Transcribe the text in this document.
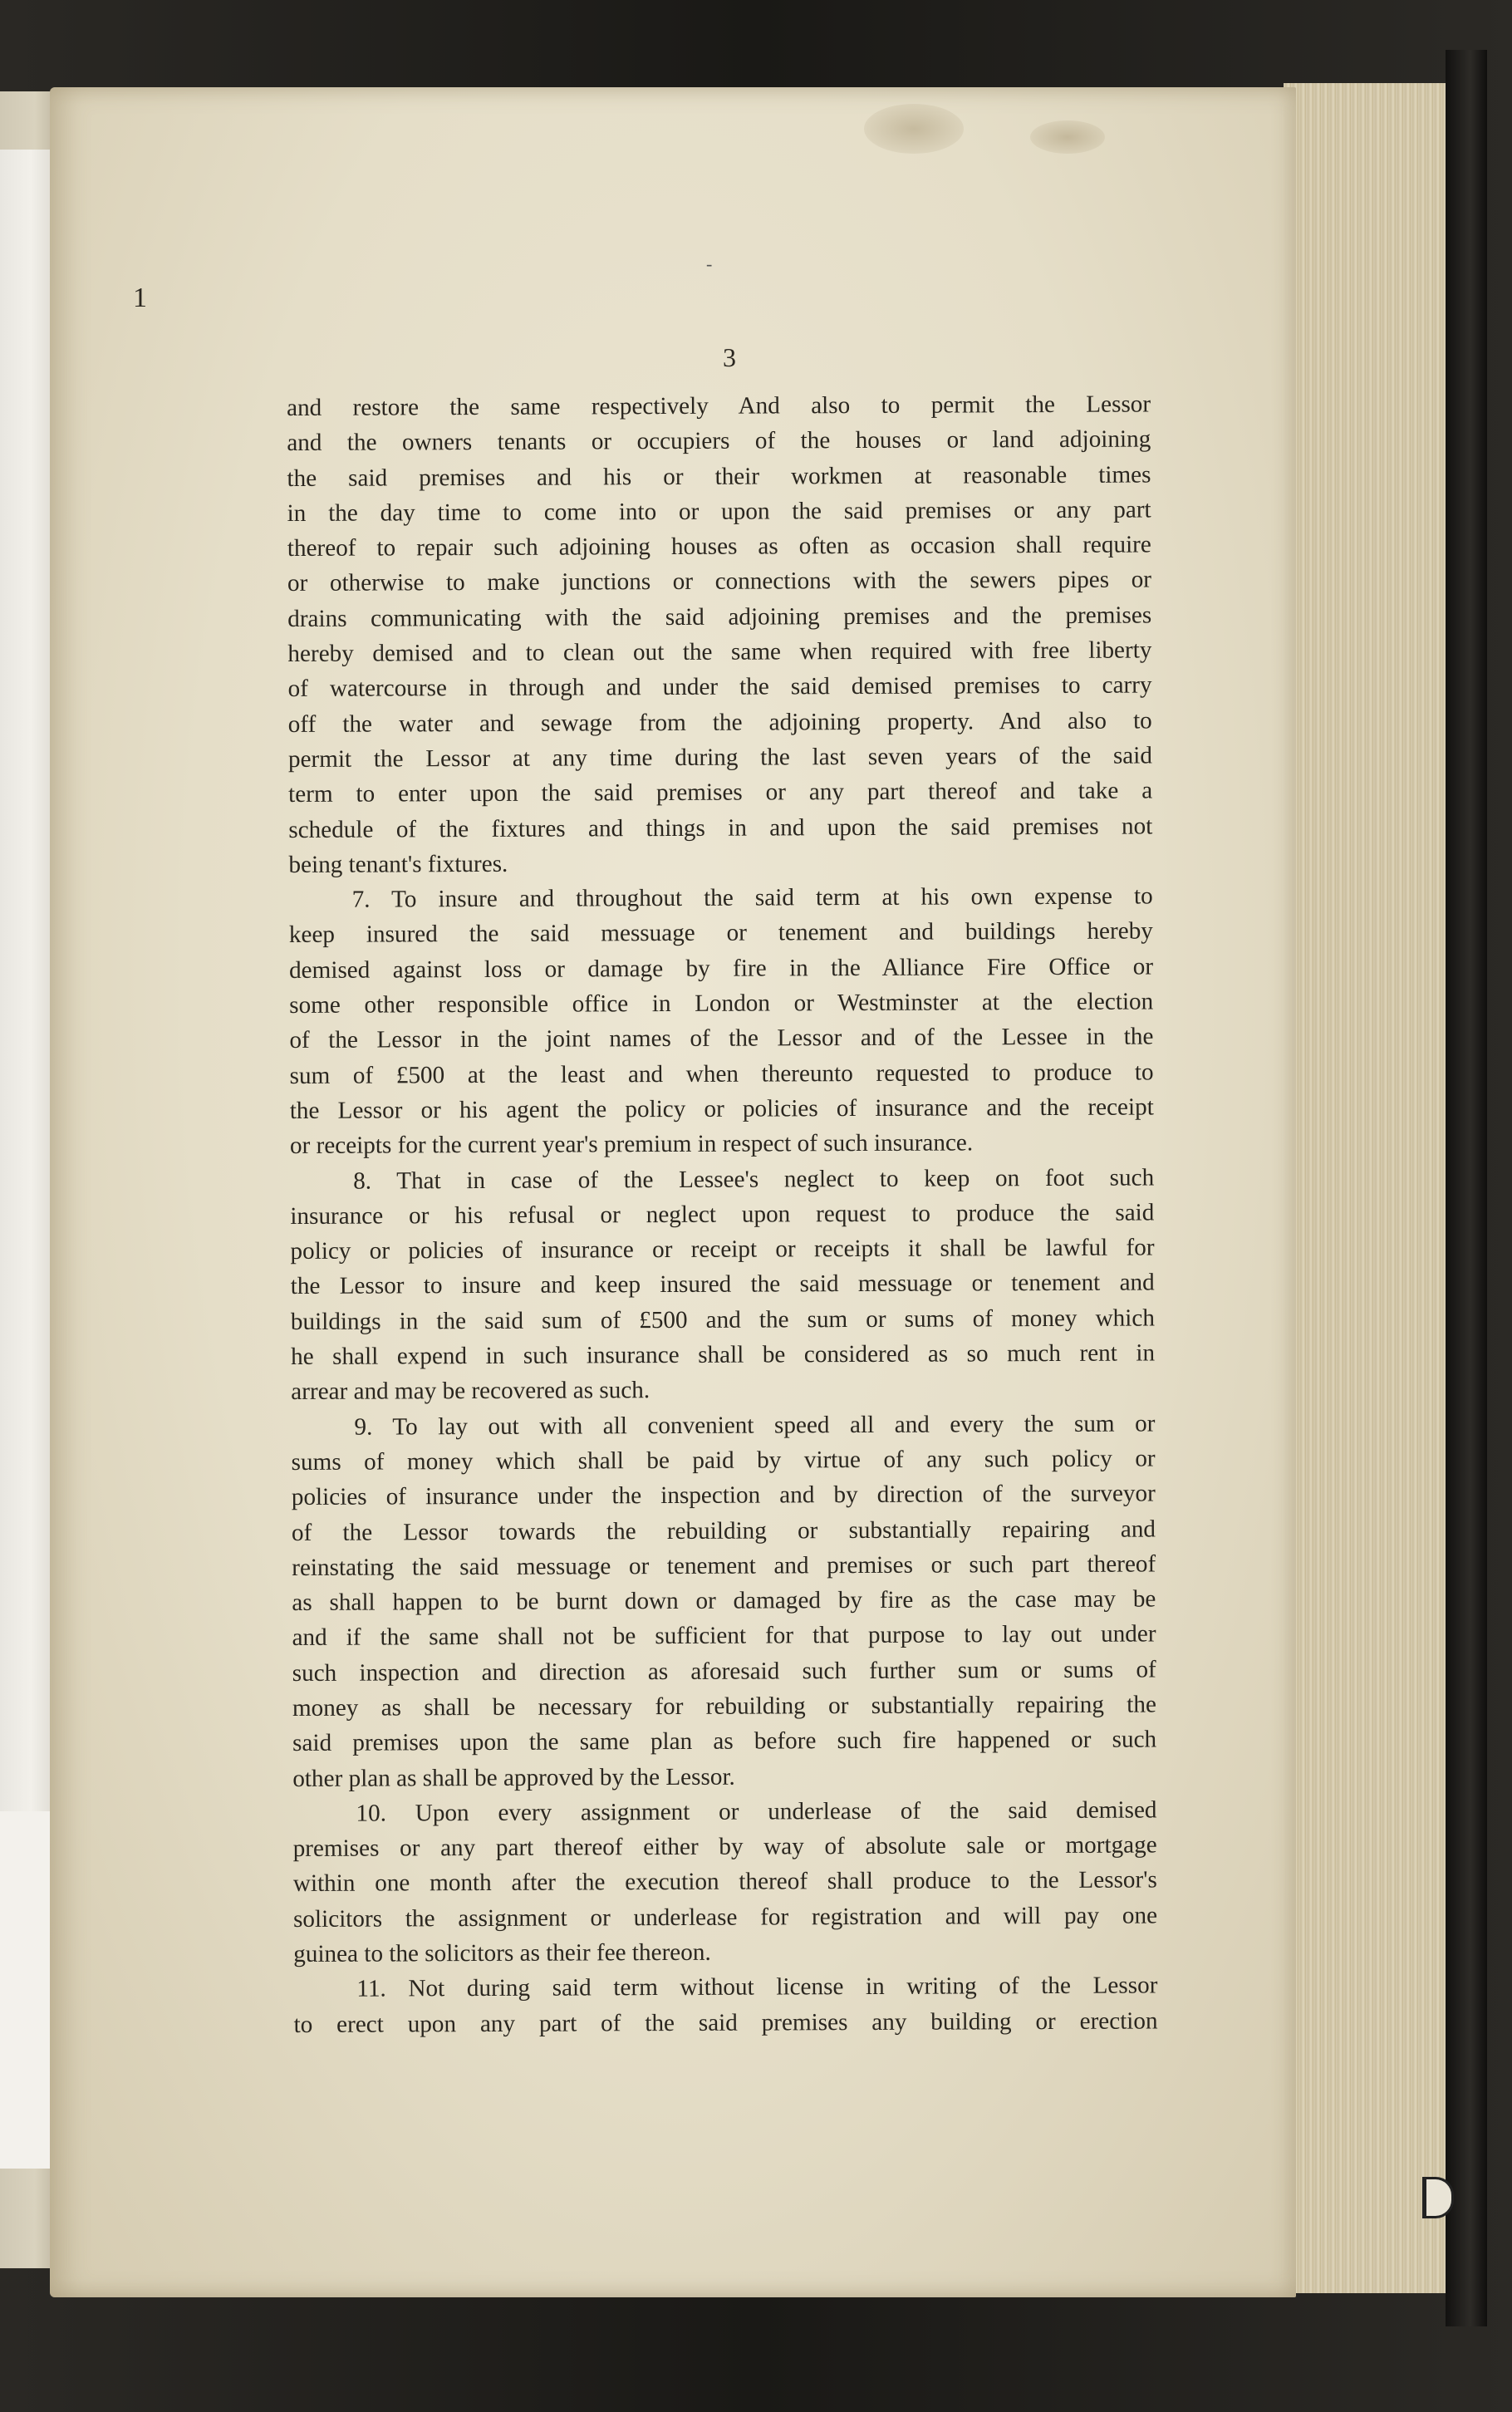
1
-
3
and restore the same respectively And also to permit the Lessor
and the owners tenants or occupiers of the houses or land adjoining
the said premises and his or their workmen at reasonable times
in the day time to come into or upon the said premises or any part
thereof to repair such adjoining houses as often as occasion shall require
or otherwise to make junctions or connections with the sewers pipes or
drains communicating with the said adjoining premises and the premises
hereby demised and to clean out the same when required with free liberty
of watercourse in through and under the said demised premises to carry
off the water and sewage from the adjoining property. And also to
permit the Lessor at any time during the last seven years of the said
term to enter upon the said premises or any part thereof and take a
schedule of the fixtures and things in and upon the said premises not
being tenant's fixtures.
7. To insure and throughout the said term at his own expense to
keep insured the said messuage or tenement and buildings hereby
demised against loss or damage by fire in the Alliance Fire Office or
some other responsible office in London or Westminster at the election
of the Lessor in the joint names of the Lessor and of the Lessee in the
sum of £500 at the least and when thereunto requested to produce to
the Lessor or his agent the policy or policies of insurance and the receipt
or receipts for the current year's premium in respect of such insurance.
8. That in case of the Lessee's neglect to keep on foot such
insurance or his refusal or neglect upon request to produce the said
policy or policies of insurance or receipt or receipts it shall be lawful for
the Lessor to insure and keep insured the said messuage or tenement and
buildings in the said sum of £500 and the sum or sums of money which
he shall expend in such insurance shall be considered as so much rent in
arrear and may be recovered as such.
9. To lay out with all convenient speed all and every the sum or
sums of money which shall be paid by virtue of any such policy or
policies of insurance under the inspection and by direction of the surveyor
of the Lessor towards the rebuilding or substantially repairing and
reinstating the said messuage or tenement and premises or such part thereof
as shall happen to be burnt down or damaged by fire as the case may be
and if the same shall not be sufficient for that purpose to lay out under
such inspection and direction as aforesaid such further sum or sums of
money as shall be necessary for rebuilding or substantially repairing the
said premises upon the same plan as before such fire happened or such
other plan as shall be approved by the Lessor.
10. Upon every assignment or underlease of the said demised
premises or any part thereof either by way of absolute sale or mortgage
within one month after the execution thereof shall produce to the Lessor's
solicitors the assignment or underlease for registration and will pay one
guinea to the solicitors as their fee thereon.
11. Not during said term without license in writing of the Lessor
to erect upon any part of the said premises any building or erection
